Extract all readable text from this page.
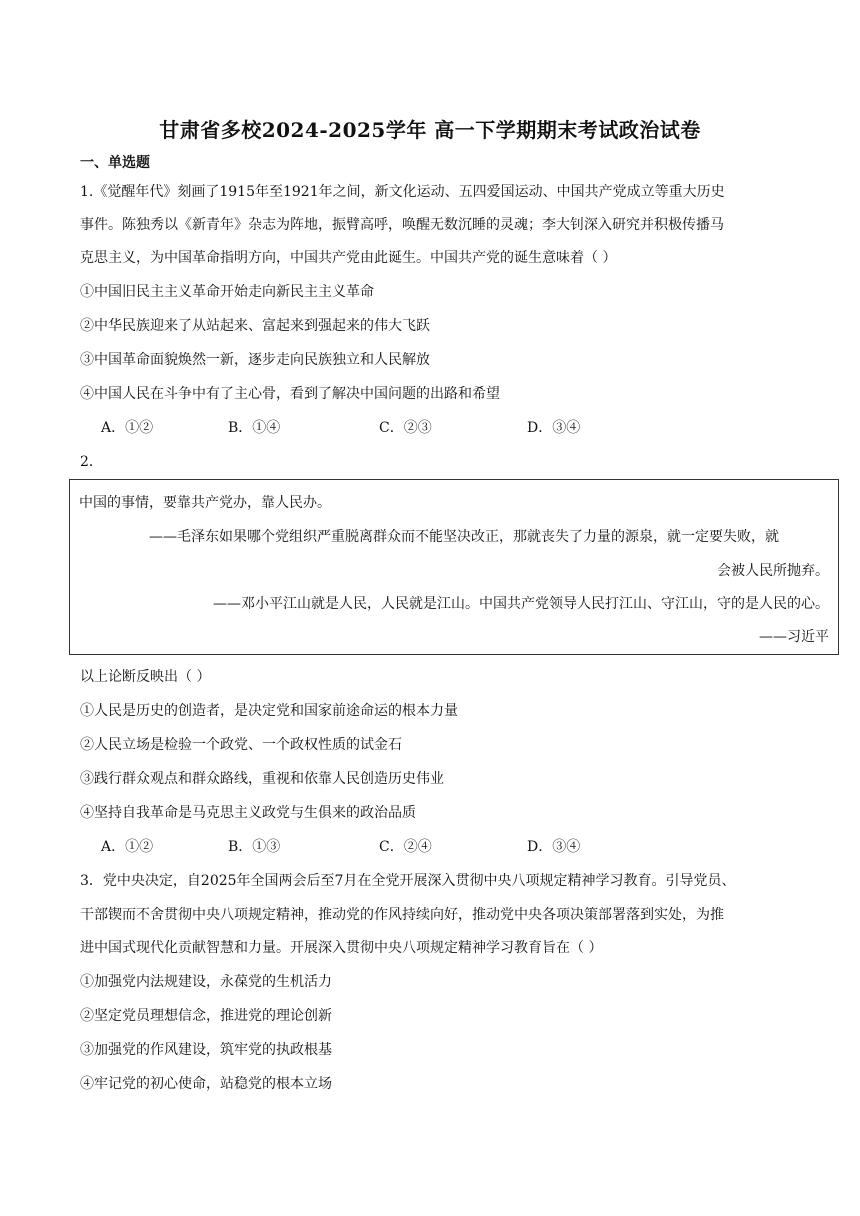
甘肃省多校2024-2025学年 高一下学期期末考试政治试卷
一、单选题
1.《觉醒年代》刻画了1915年至1921年之间，新文化运动、五四爱国运动、中国共产党成立等重大历史
事件。陈独秀以《新青年》杂志为阵地，振臂高呼，唤醒无数沉睡的灵魂；李大钊深入研究并积极传播马
克思主义，为中国革命指明方向，中国共产党由此诞生。中国共产党的诞生意味着（ ）
①中国旧民主主义革命开始走向新民主主义革命
②中华民族迎来了从站起来、富起来到强起来的伟大飞跃
③中国革命面貌焕然一新，逐步走向民族独立和人民解放
④中国人民在斗争中有了主心骨，看到了解决中国问题的出路和希望
A．①②	B．①④	C．②③	D．③④
2．
中国的事情，要靠共产党办，靠人民办。
——毛泽东如果哪个党组织严重脱离群众而不能坚决改正，那就丧失了力量的源泉，就一定要失败，就
会被人民所抛弃。
——邓小平江山就是人民，人民就是江山。中国共产党领导人民打江山、守江山，守的是人民的心。
——习近平
以上论断反映出（ ）
①人民是历史的创造者，是决定党和国家前途命运的根本力量
②人民立场是检验一个政党、一个政权性质的试金石
③践行群众观点和群众路线，重视和依靠人民创造历史伟业
④坚持自我革命是马克思主义政党与生俱来的政治品质
A．①②	B．①③	C．②④	D．③④
3．党中央决定，自2025年全国两会后至7月在全党开展深入贯彻中央八项规定精神学习教育。引导党员、
干部锲而不舍贯彻中央八项规定精神，推动党的作风持续向好，推动党中央各项决策部署落到实处，为推
进中国式现代化贡献智慧和力量。开展深入贯彻中央八项规定精神学习教育旨在（ ）
①加强党内法规建设，永葆党的生机活力
②坚定党员理想信念，推进党的理论创新
③加强党的作风建设，筑牢党的执政根基
④牢记党的初心使命，站稳党的根本立场
